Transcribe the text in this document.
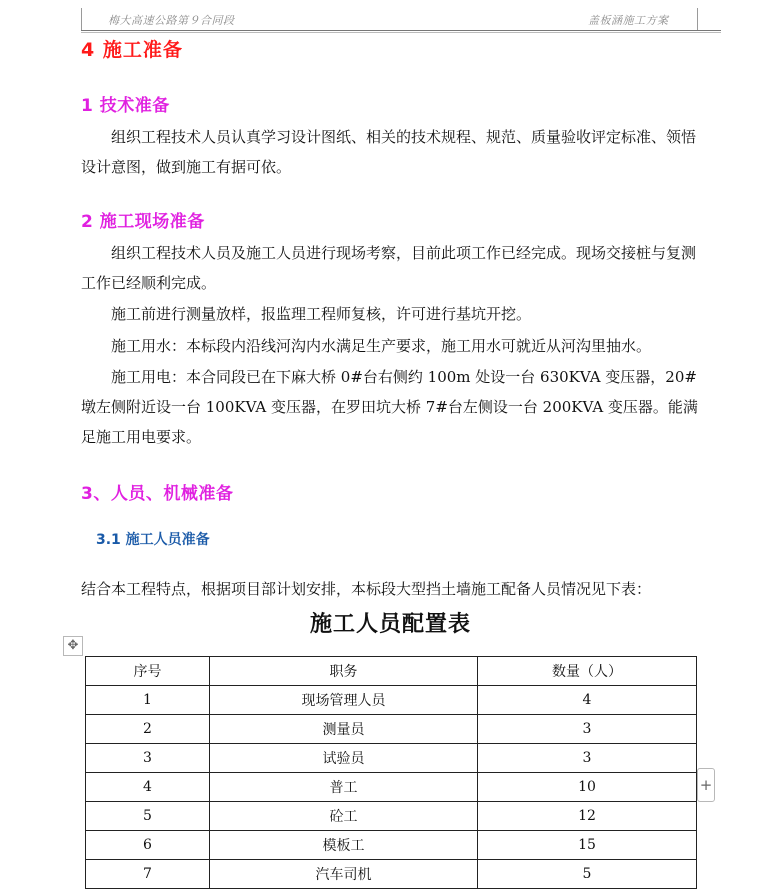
梅大高速公路第９合同段	盖板涵施工方案
4 施工准备
1 技术准备
组织工程技术人员认真学习设计图纸、相关的技术规程、规范、质量验收评定标准、领悟设计意图，做到施工有据可依。
2 施工现场准备
组织工程技术人员及施工人员进行现场考察，目前此项工作已经完成。现场交接桩与复测工作已经顺利完成。
施工前进行测量放样，报监理工程师复核，许可进行基坑开挖。
施工用水：本标段内沿线河沟内水满足生产要求，施工用水可就近从河沟里抽水。
施工用电：本合同段已在下麻大桥 0#台右侧约 100m 处设一台 630KVA 变压器，20#墩左侧附近设一台 100KVA 变压器，在罗田坑大桥 7#台左侧设一台 200KVA 变压器。能满足施工用电要求。
3、人员、机械准备
3.1 施工人员准备
结合本工程特点，根据项目部计划安排，本标段大型挡土墙施工配备人员情况见下表：
施工人员配置表
✥
+
序号	职务	数量（人）
1	现场管理人员	4
2	测量员	3
3	试验员	3
4	普工	10
5	砼工	12
6	模板工	15
7	汽车司机	5
